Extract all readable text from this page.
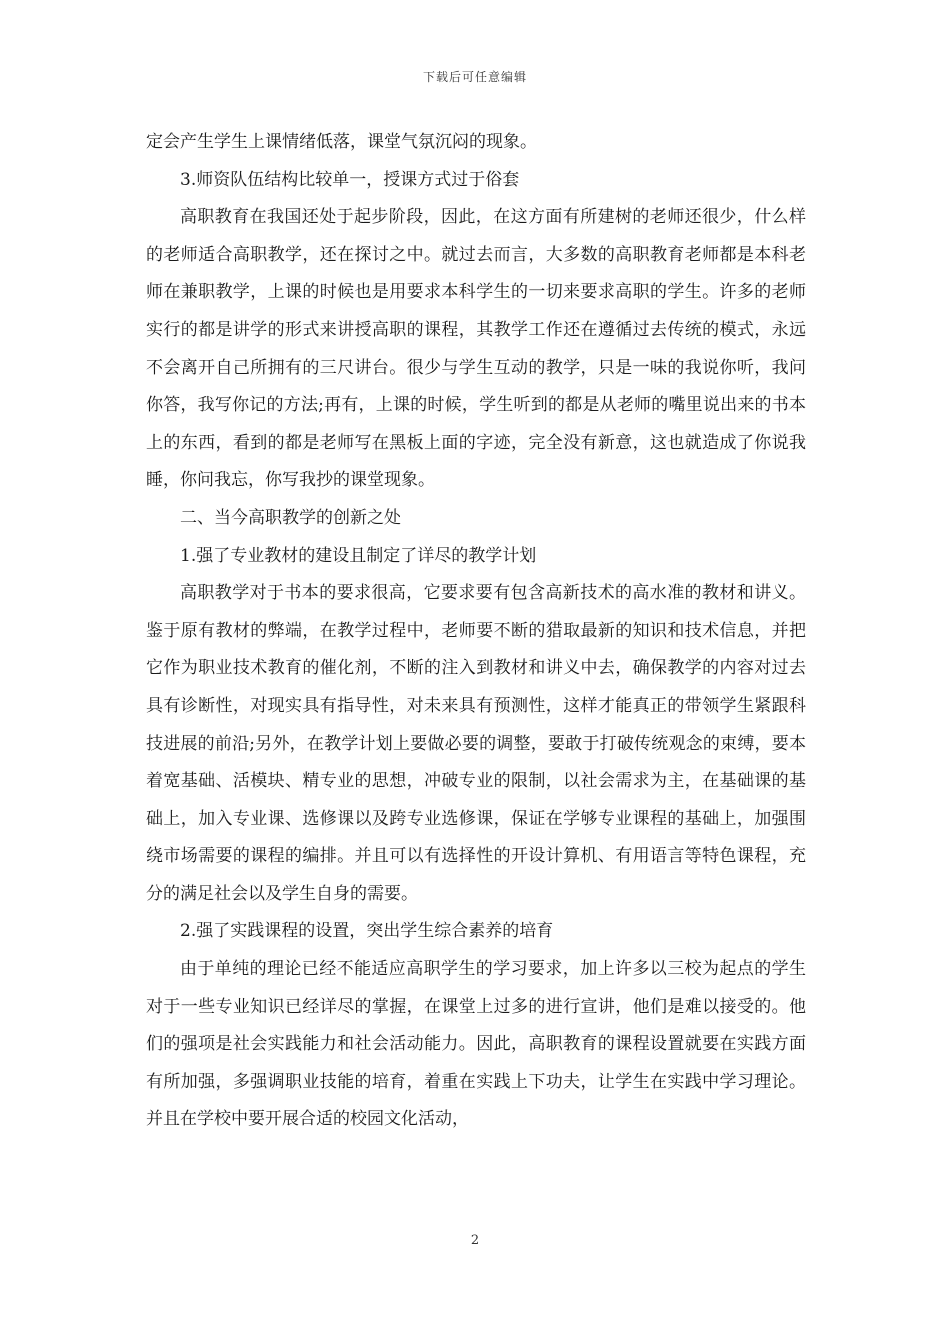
下载后可任意编辑

定会产生学生上课情绪低落，课堂气氛沉闷的现象。

3.师资队伍结构比较单一，授课方式过于俗套

高职教育在我国还处于起步阶段，因此，在这方面有所建树的老师还很少，什么样的老师适合高职教学，还在探讨之中。就过去而言，大多数的高职教育老师都是本科老师在兼职教学，上课的时候也是用要求本科学生的一切来要求高职的学生。许多的老师实行的都是讲学的形式来讲授高职的课程，其教学工作还在遵循过去传统的模式，永远不会离开自己所拥有的三尺讲台。很少与学生互动的教学，只是一味的我说你听，我问你答，我写你记的方法;再有，上课的时候，学生听到的都是从老师的嘴里说出来的书本上的东西，看到的都是老师写在黑板上面的字迹，完全没有新意，这也就造成了你说我睡，你问我忘，你写我抄的课堂现象。

二、当今高职教学的创新之处

1.强了专业教材的建设且制定了详尽的教学计划

高职教学对于书本的要求很高，它要求要有包含高新技术的高水准的教材和讲义。鉴于原有教材的弊端，在教学过程中，老师要不断的猎取最新的知识和技术信息，并把它作为职业技术教育的催化剂，不断的注入到教材和讲义中去，确保教学的内容对过去具有诊断性，对现实具有指导性，对未来具有预测性，这样才能真正的带领学生紧跟科技进展的前沿;另外，在教学计划上要做必要的调整，要敢于打破传统观念的束缚，要本着宽基础、活模块、精专业的思想，冲破专业的限制，以社会需求为主，在基础课的基础上，加入专业课、选修课以及跨专业选修课，保证在学够专业课程的基础上，加强围绕市场需要的课程的编排。并且可以有选择性的开设计算机、有用语言等特色课程，充分的满足社会以及学生自身的需要。

2.强了实践课程的设置，突出学生综合素养的培育

由于单纯的理论已经不能适应高职学生的学习要求，加上许多以三校为起点的学生对于一些专业知识已经详尽的掌握，在课堂上过多的进行宣讲，他们是难以接受的。他们的强项是社会实践能力和社会活动能力。因此，高职教育的课程设置就要在实践方面有所加强，多强调职业技能的培育，着重在实践上下功夫，让学生在实践中学习理论。并且在学校中要开展合适的校园文化活动，

2
